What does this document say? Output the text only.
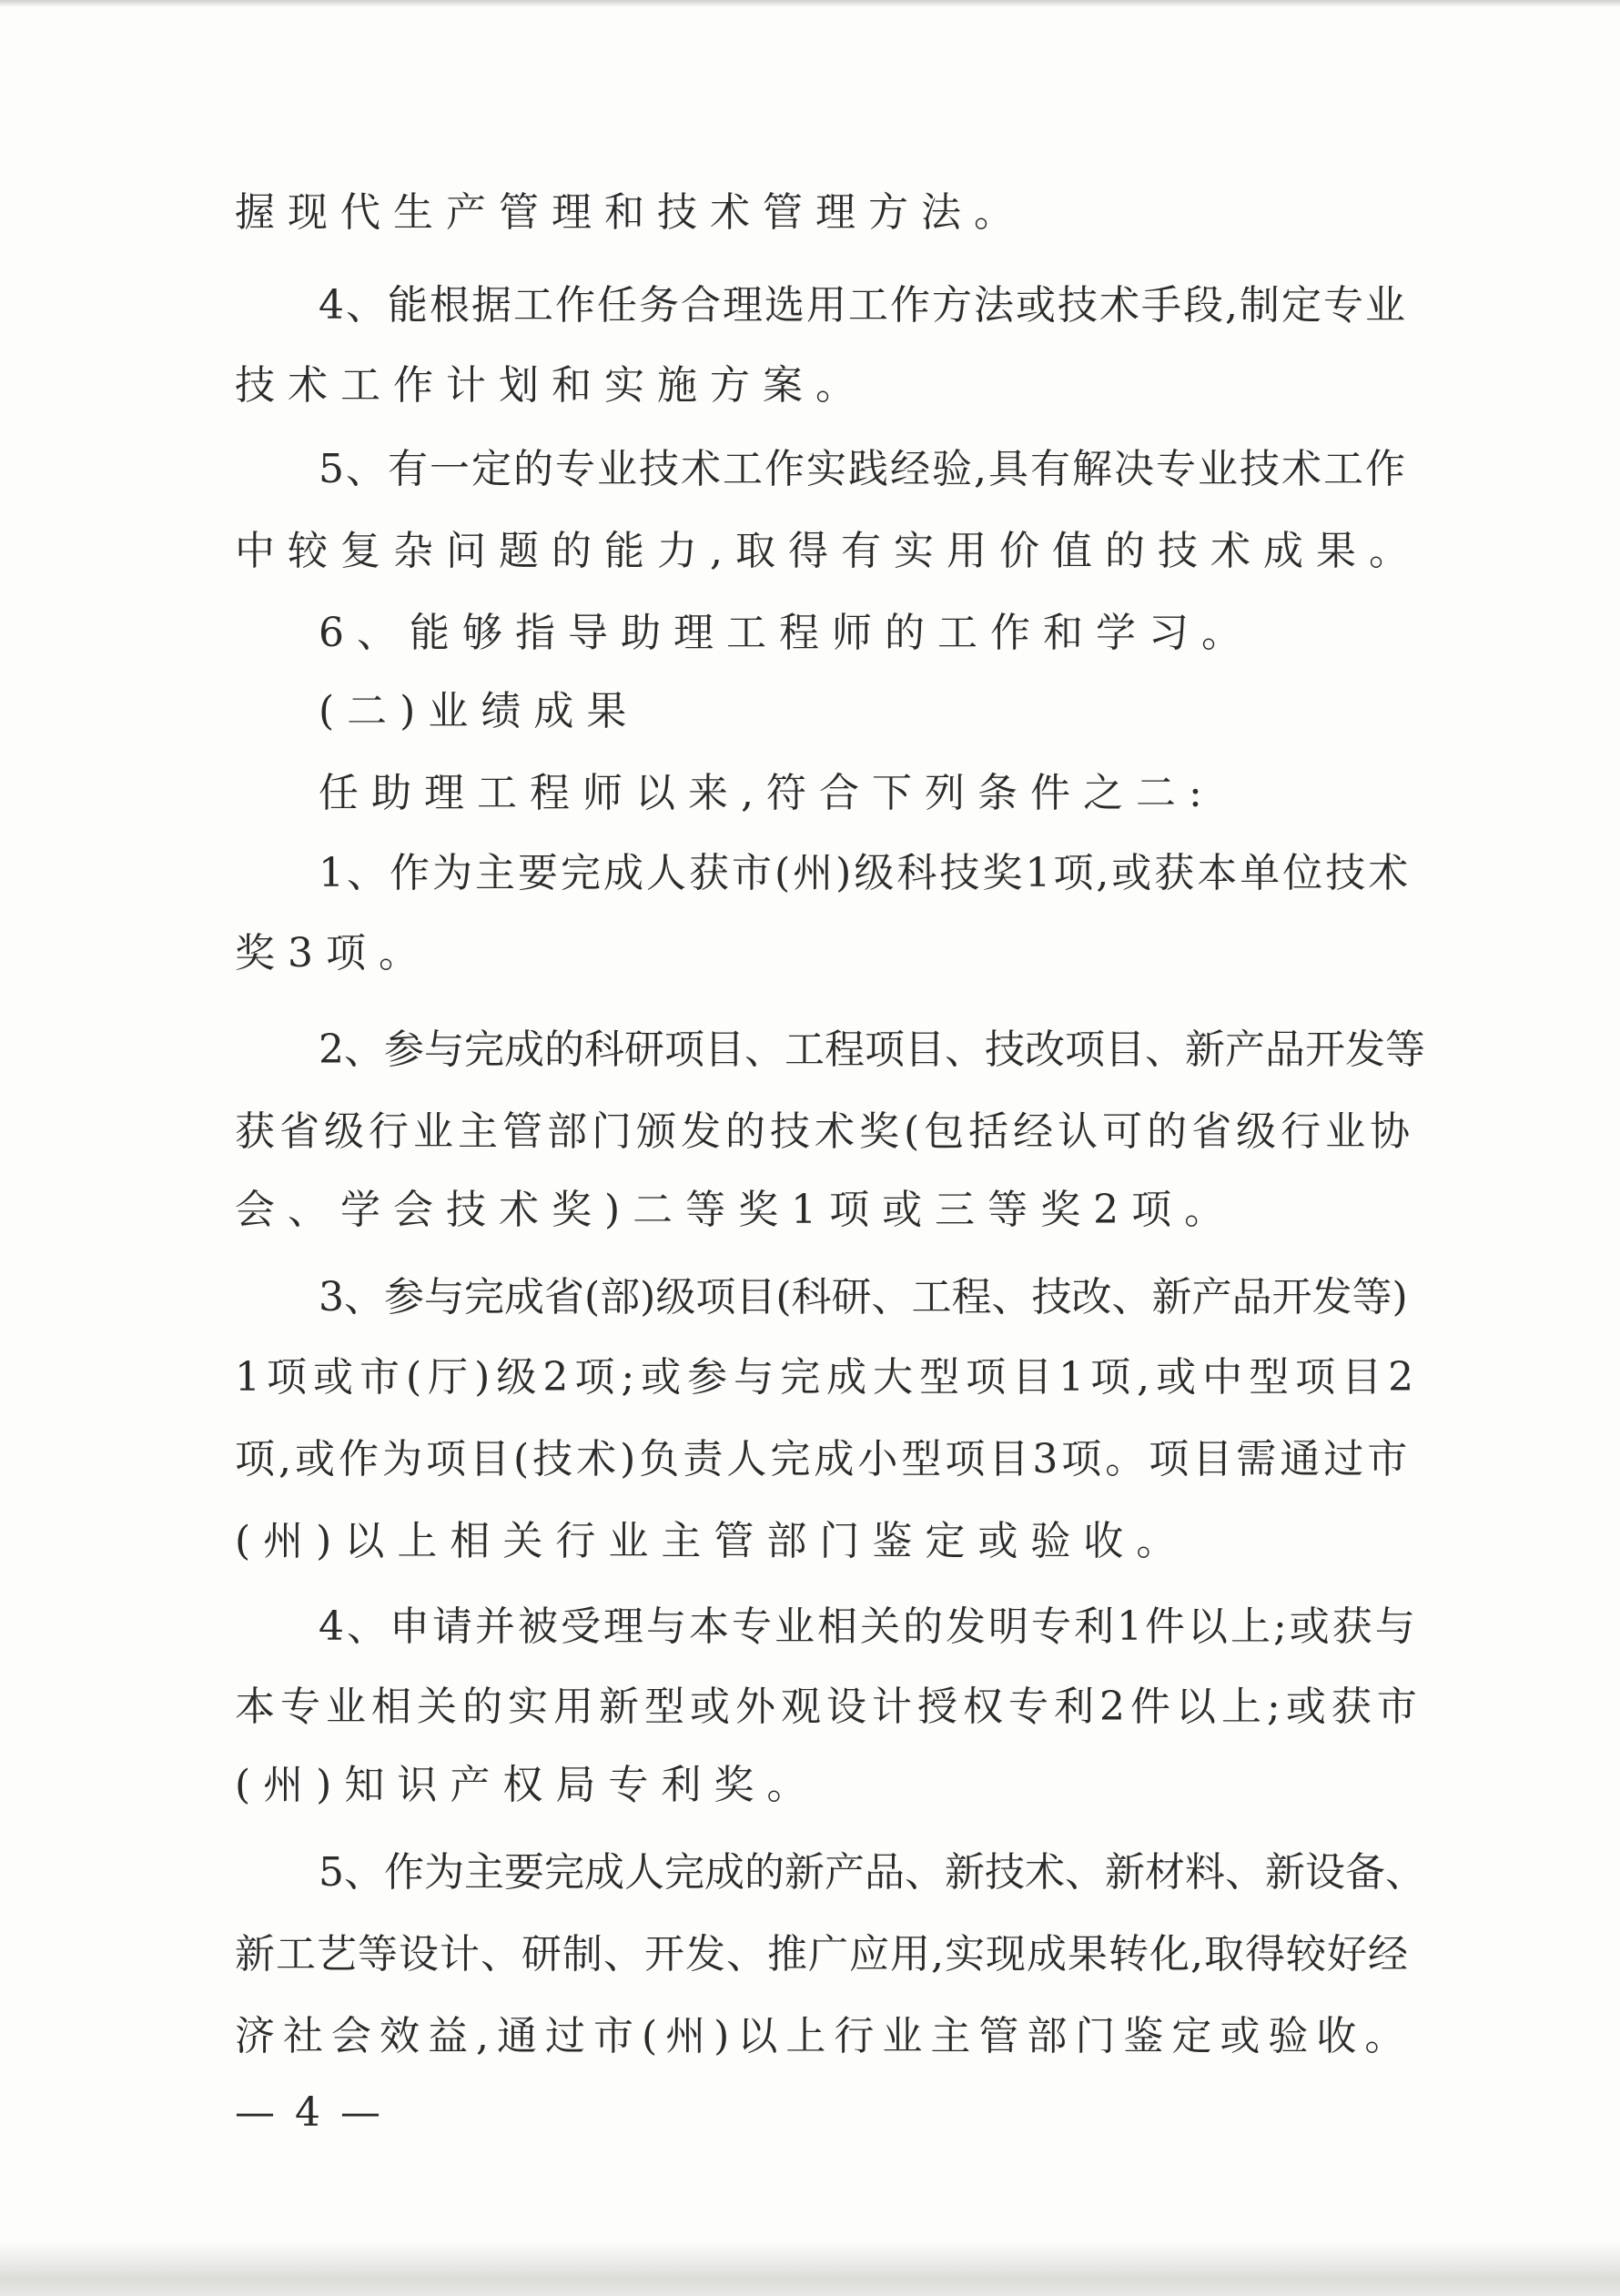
握现代生产管理和技术管理方法。
4、能根据工作任务合理选用工作方法或技术手段,制定专业
技术工作计划和实施方案。
5、有一定的专业技术工作实践经验,具有解决专业技术工作
中较复杂问题的能力,取得有实用价值的技术成果。
6、能够指导助理工程师的工作和学习。
(二)业绩成果
任助理工程师以来,符合下列条件之二:
1、作为主要完成人获市(州)级科技奖1项,或获本单位技术
奖3项。
2、参与完成的科研项目、工程项目、技改项目、新产品开发等
获省级行业主管部门颁发的技术奖(包括经认可的省级行业协
会、学会技术奖)二等奖1项或三等奖2项。
3、参与完成省(部)级项目(科研、工程、技改、新产品开发等)
1项或市(厅)级2项;或参与完成大型项目1项,或中型项目2
项,或作为项目(技术)负责人完成小型项目3项。项目需通过市
(州)以上相关行业主管部门鉴定或验收。
4、申请并被受理与本专业相关的发明专利1件以上;或获与
本专业相关的实用新型或外观设计授权专利2件以上;或获市
(州)知识产权局专利奖。
5、作为主要完成人完成的新产品、新技术、新材料、新设备、
新工艺等设计、研制、开发、推广应用,实现成果转化,取得较好经
济社会效益,通过市(州)以上行业主管部门鉴定或验收。
— 4 —
